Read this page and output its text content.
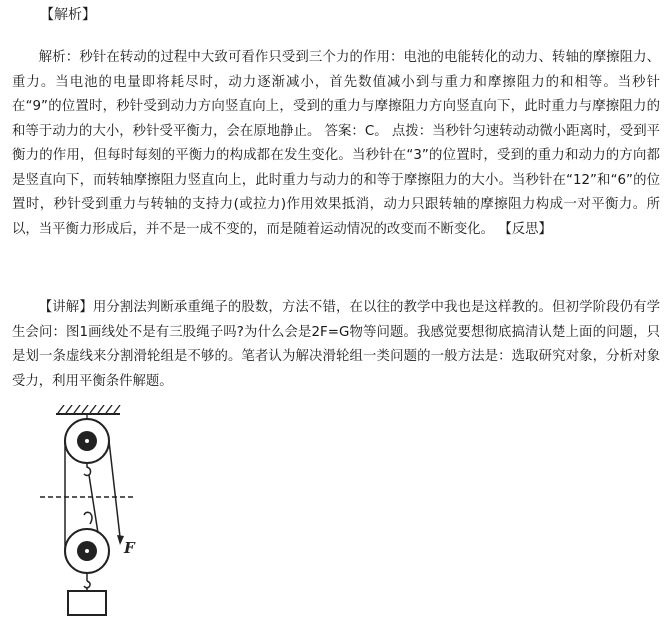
【解析】

解析：秒针在转动的过程中大致可看作只受到三个力的作用：电池的电能转化的动力、转轴的摩擦阻力、重力。当电池的电量即将耗尽时，动力逐渐减小，首先数值减小到与重力和摩擦阻力的和相等。当秒针在“9”的位置时，秒针受到动力方向竖直向上，受到的重力与摩擦阻力方向竖直向下，此时重力与摩擦阻力的和等于动力的大小，秒针受平衡力，会在原地静止。 答案：C。 点拨：当秒针匀速转动动微小距离时，受到平衡力的作用，但每时每刻的平衡力的构成都在发生变化。当秒针在“3”的位置时，受到的重力和动力的方向都是竖直向下，而转轴摩擦阻力竖直向上，此时重力与动力的和等于摩擦阻力的大小。当秒针在“12”和“6”的位置时，秒针受到重力与转轴的支持力(或拉力)作用效果抵消，动力只跟转轴的摩擦阻力构成一对平衡力。所以，当平衡力形成后，并不是一成不变的，而是随着运动情况的改变而不断变化。 【反思】

【讲解】用分割法判断承重绳子的股数，方法不错，在以往的教学中我也是这样教的。但初学阶段仍有学生会问：图1画线处不是有三股绳子吗?为什么会是2F=G物等问题。我感觉要想彻底搞清认楚上面的问题，只是划一条虚线来分割滑轮组是不够的。笔者认为解决滑轮组一类问题的一般方法是：选取研究对象，分析对象受力，利用平衡条件解题。

F
